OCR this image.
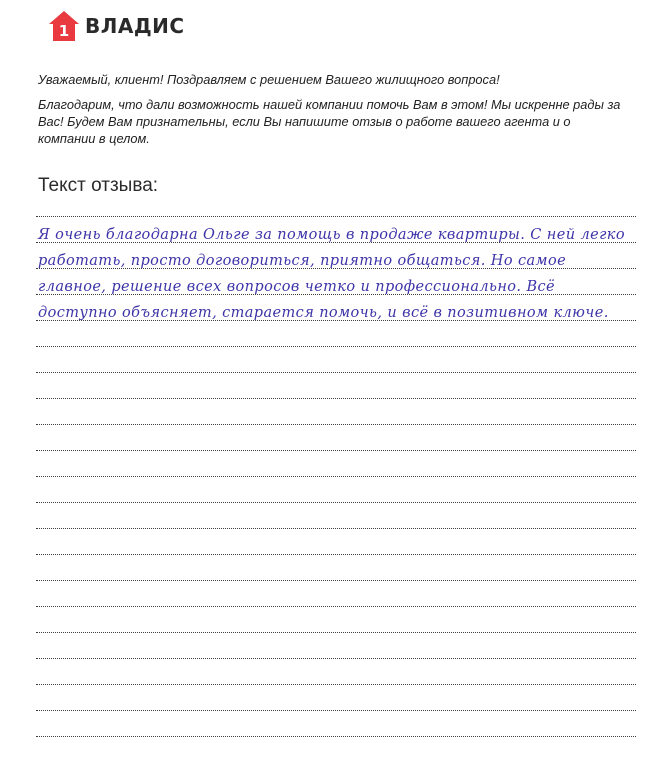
1 ВЛАДИС

Уважаемый, клиент! Поздравляем с решением Вашего жилищного вопроса!

Благодарим, что дали возможность нашей компании помочь Вам в этом! Мы искренне рады за Вас! Будем Вам признательны, если Вы напишите отзыв о работе вашего агента и о компании в целом.

Текст отзыва:
Я очень благодарна Ольге за помощь в продаже квартиры. С ней легко работать, просто договориться, приятно общаться. Но самое главное, решение всех вопросов четко и профессионально. Всё доступно объясняет, старается помочь, и всё в позитивном ключе.
